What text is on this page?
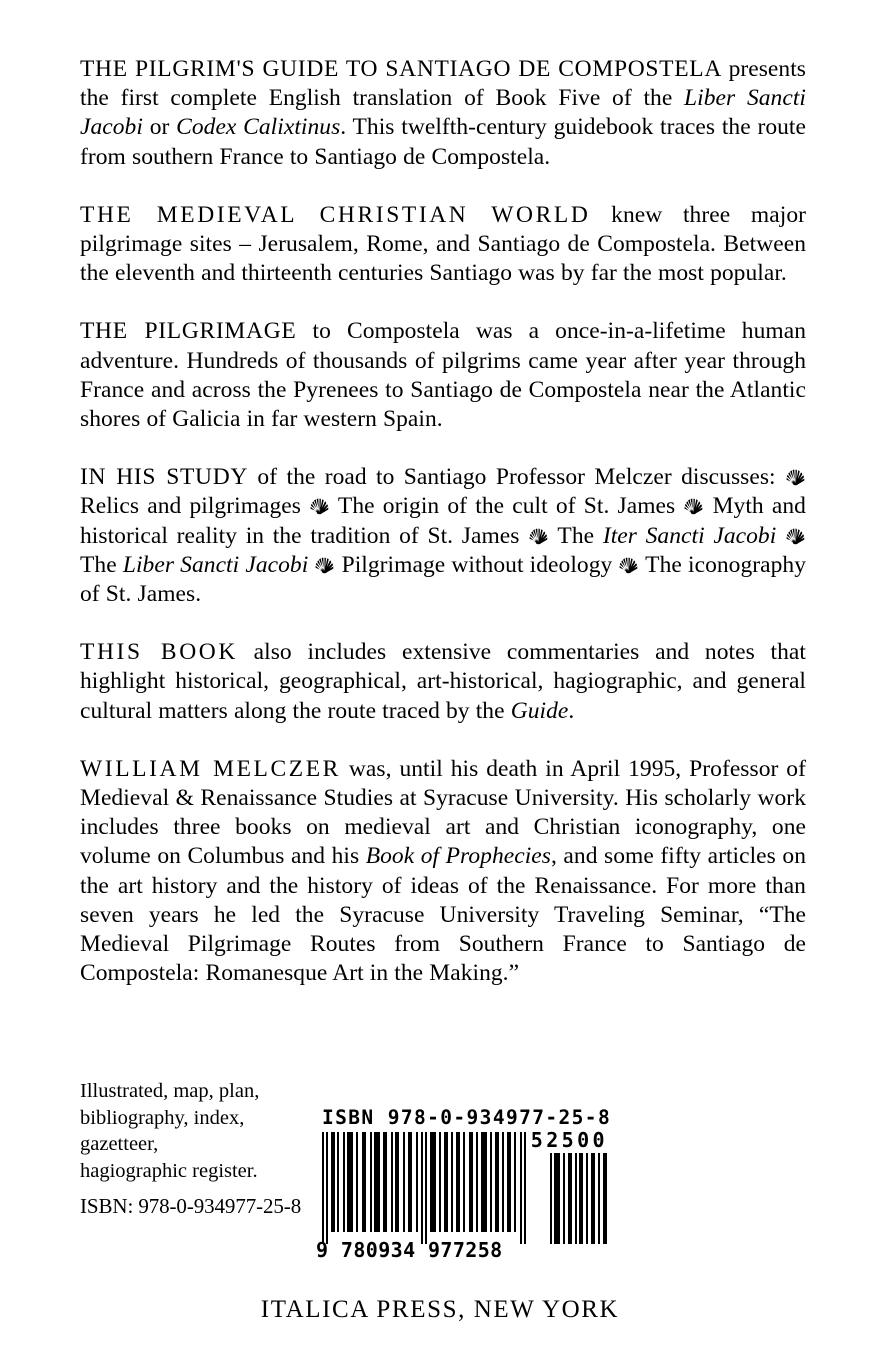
THE PILGRIM'S GUIDE TO SANTIAGO DE COMPOSTELA presents the first complete English translation of Book Five of the Liber Sancti Jacobi or Codex Calixtinus. This twelfth-century guidebook traces the route from southern France to Santiago de Compostela.

THE MEDIEVAL CHRISTIAN WORLD knew three major pilgrimage sites – Jerusalem, Rome, and Santiago de Compostela. Between the eleventh and thirteenth centuries Santiago was by far the most popular.

THE PILGRIMAGE to Compostela was a once-in-a-lifetime human adventure. Hundreds of thousands of pilgrims came year after year through France and across the Pyrenees to Santiago de Compostela near the Atlantic shores of Galicia in far western Spain.

IN HIS STUDY of the road to Santiago Professor Melczer discusses:
Relics and pilgrimages
The origin of the cult of St. James
Myth and historical reality in the tradition of St. James
The Iter Sancti Jacobi
The Liber Sancti Jacobi
Pilgrimage without ideology
The iconography of St. James.

THIS BOOK also includes extensive commentaries and notes that highlight historical, geographical, art-historical, hagiographic, and general cultural matters along the route traced by the Guide.

WILLIAM MELCZER was, until his death in April 1995, Professor of Medieval & Renaissance Studies at Syracuse University. His scholarly work includes three books on medieval art and Christian iconography, one volume on Columbus and his Book of Prophecies, and some fifty articles on the art history and the history of ideas of the Renaissance. For more than seven years he led the Syracuse University Traveling Seminar, “The Medieval Pilgrimage Routes from Southern France to Santiago de Compostela: Romanesque Art in the Making.”

Illustrated, map, plan,
bibliography, index,
gazetteer,
hagiographic register.
ISBN: 978-0-934977-25-8
ISBN 978-0-934977-25-8
52500
9 780934 977258
ITALICA PRESS, NEW YORK
